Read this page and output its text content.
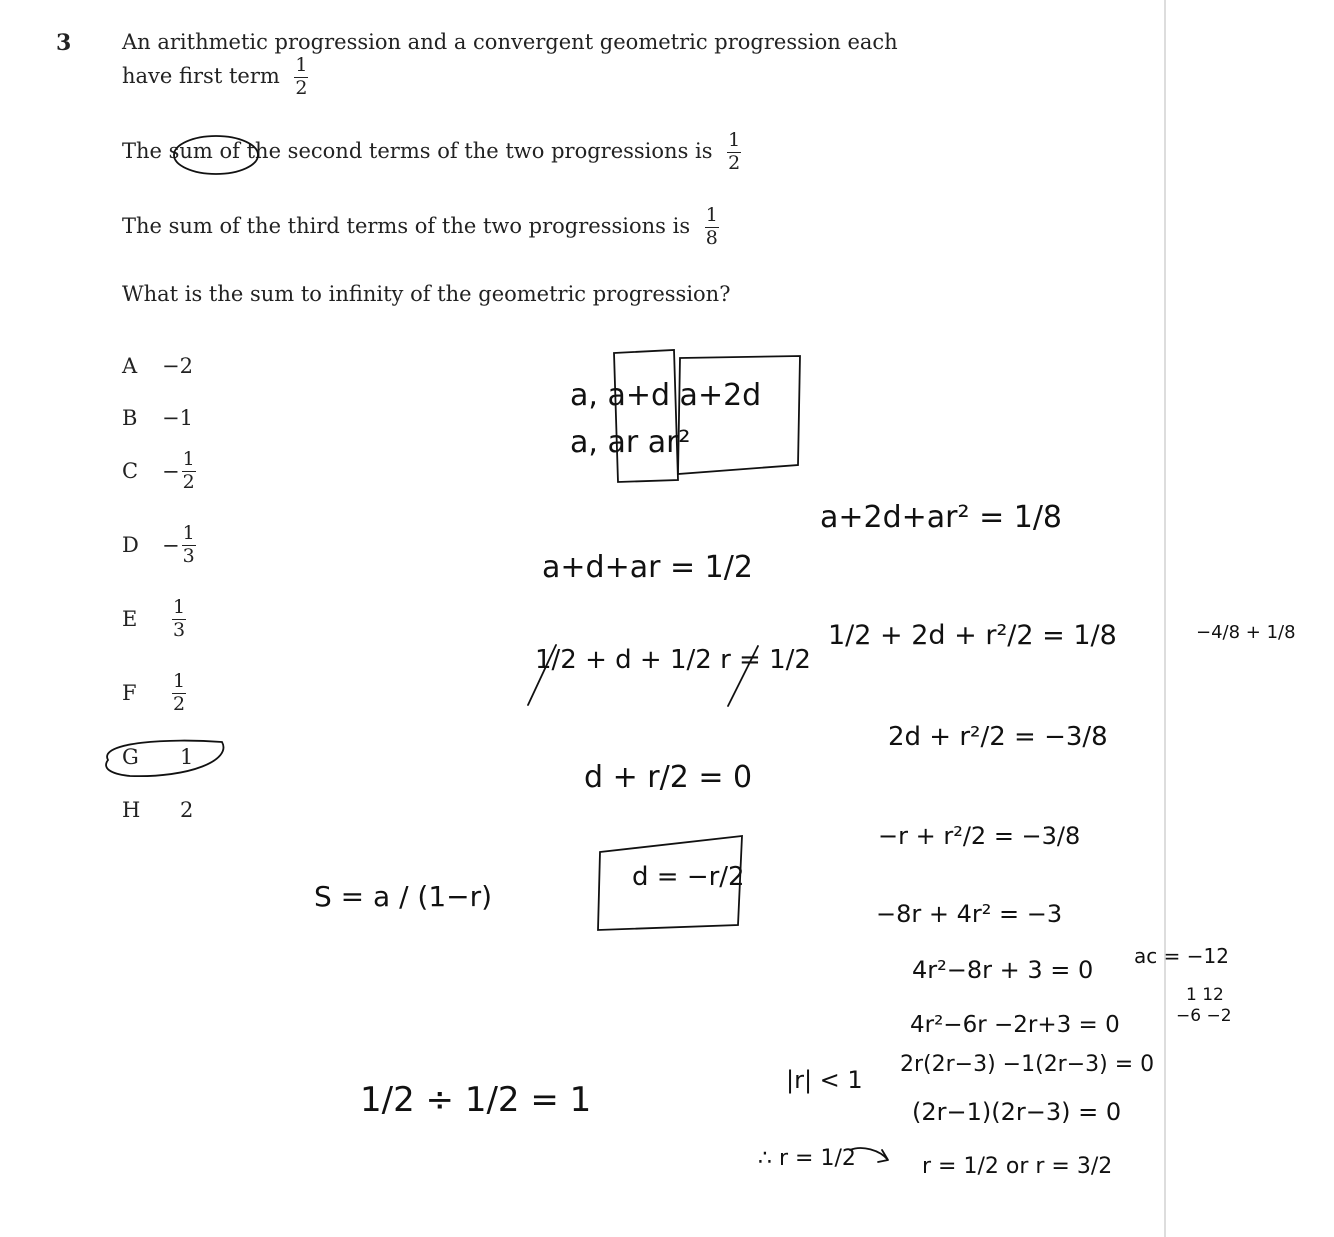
3 An arithmetic progression and a convergent geometric progression each
have first term $\frac{1}{2}$
The sum of the second terms of the two progressions is $\frac{1}{2}$
The sum of the third terms of the two progressions is $\frac{1}{8}$
What is the sum to infinity of the geometric progression?
A −2
B −1
$C - \frac{1}{2}$
$D - \frac{1}{3}$
E $\frac{1}{3}$
F $\frac{1}{2}$
G 1
H 2
a, a+d a+2d
a, ar ar²
a+2d+ar² = 1/8
a+d+ar = 1/2
1/2 + 2d + r²/2 = 1/8	−4/8 + 1/8
1/2 + d + 1/2 r = 1/2
2d + r²/2 = −3/8
d + r/2 = 0
−r + r²/2 = −3/8
d = −r/2
S = a / (1−r)
−8r + 4r² = −3
ac = −12
4r²−8r + 3 = 0
1 12
−6 −2
4r²−6r −2r+3 = 0
1/2 ÷ 1/2 = 1
2r(2r−3) −1(2r−3) = 0
|r| < 1
(2r−1)(2r−3) = 0
∴ r = 1/2	r = 1/2 or r = 3/2
